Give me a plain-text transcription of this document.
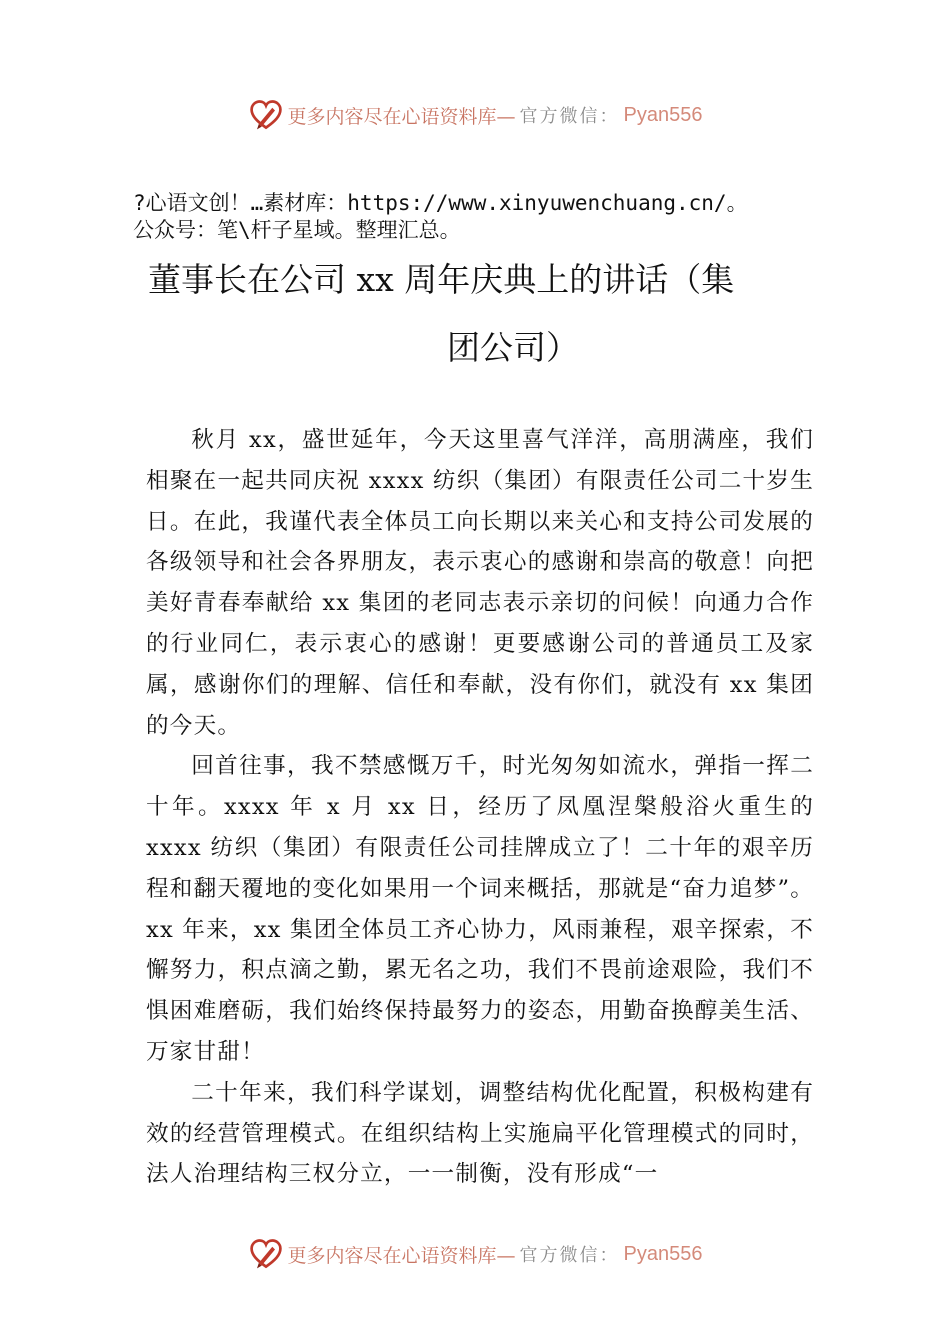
更多内容尽在心语资料库— 官方微信： Pyan556
?心语文创！…素材库：https://www.xinyuwenchuang.cn/。
公众号：笔\杆子星域。整理汇总。
董事长在公司 xx 周年庆典上的讲话（集
团公司）

秋月 xx，盛世延年，今天这里喜气洋洋，高朋满座，我们相聚在一起共同庆祝 xxxx 纺织（集团）有限责任公司二十岁生日。在此，我谨代表全体员工向长期以来关心和支持公司发展的各级领导和社会各界朋友，表示衷心的感谢和崇高的敬意！向把美好青春奉献给 xx 集团的老同志表示亲切的问候！向通力合作的行业同仁，表示衷心的感谢！更要感谢公司的普通员工及家属，感谢你们的理解、信任和奉献，没有你们，就没有 xx 集团的今天。

回首往事，我不禁感慨万千，时光匆匆如流水，弹指一挥二十年。xxxx 年 x 月 xx 日，经历了凤凰涅槃般浴火重生的 xxxx 纺织（集团）有限责任公司挂牌成立了！二十年的艰辛历程和翻天覆地的变化如果用一个词来概括，那就是“奋力追梦”。xx 年来，xx 集团全体员工齐心协力，风雨兼程，艰辛探索，不懈努力，积点滴之勤，累无名之功，我们不畏前途艰险，我们不惧困难磨砺，我们始终保持最努力的姿态，用勤奋换醇美生活、万家甘甜！

二十年来，我们科学谋划，调整结构优化配置，积极构建有效的经营管理模式。在组织结构上实施扁平化管理模式的同时，法人治理结构三权分立，一一制衡，没有形成“一

更多内容尽在心语资料库— 官方微信： Pyan556
